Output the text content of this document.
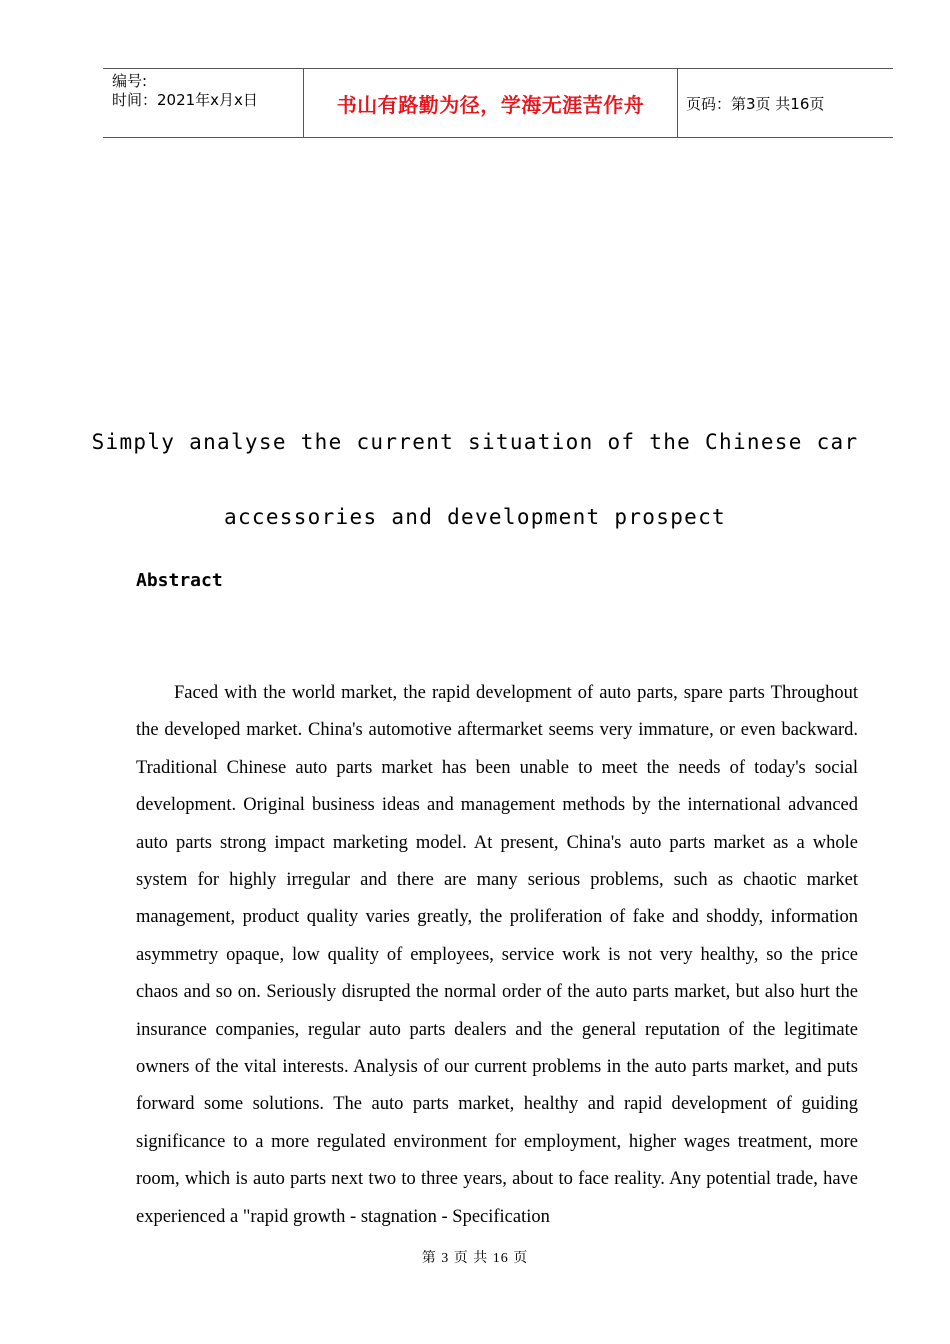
编号:
时间：2021年x月x日	书山有路勤为径，学海无涯苦作舟	页码：第3页 共16页
Simply analyse the current situation of the Chinese car
accessories and development prospect
Abstract
Faced with the world market, the rapid development of auto parts, spare parts Throughout the developed market. China's automotive aftermarket seems very immature, or even backward. Traditional Chinese auto parts market has been unable to meet the needs of today's social development. Original business ideas and management methods by the international advanced auto parts strong impact marketing model. At present, China's auto parts market as a whole system for highly irregular and there are many serious problems, such as chaotic market management, product quality varies greatly, the proliferation of fake and shoddy, information asymmetry opaque, low quality of employees, service work is not very healthy, so the price chaos and so on. Seriously disrupted the normal order of the auto parts market, but also hurt the insurance companies, regular auto parts dealers and the general reputation of the legitimate owners of the vital interests. Analysis of our current problems in the auto parts market, and puts forward some solutions. The auto parts market, healthy and rapid development of guiding significance to a more regulated environment for employment, higher wages treatment, more room, which is auto parts next two to three years, about to face reality. Any potential trade, have experienced a "rapid growth - stagnation - Specification
第 3 页 共 16 页
